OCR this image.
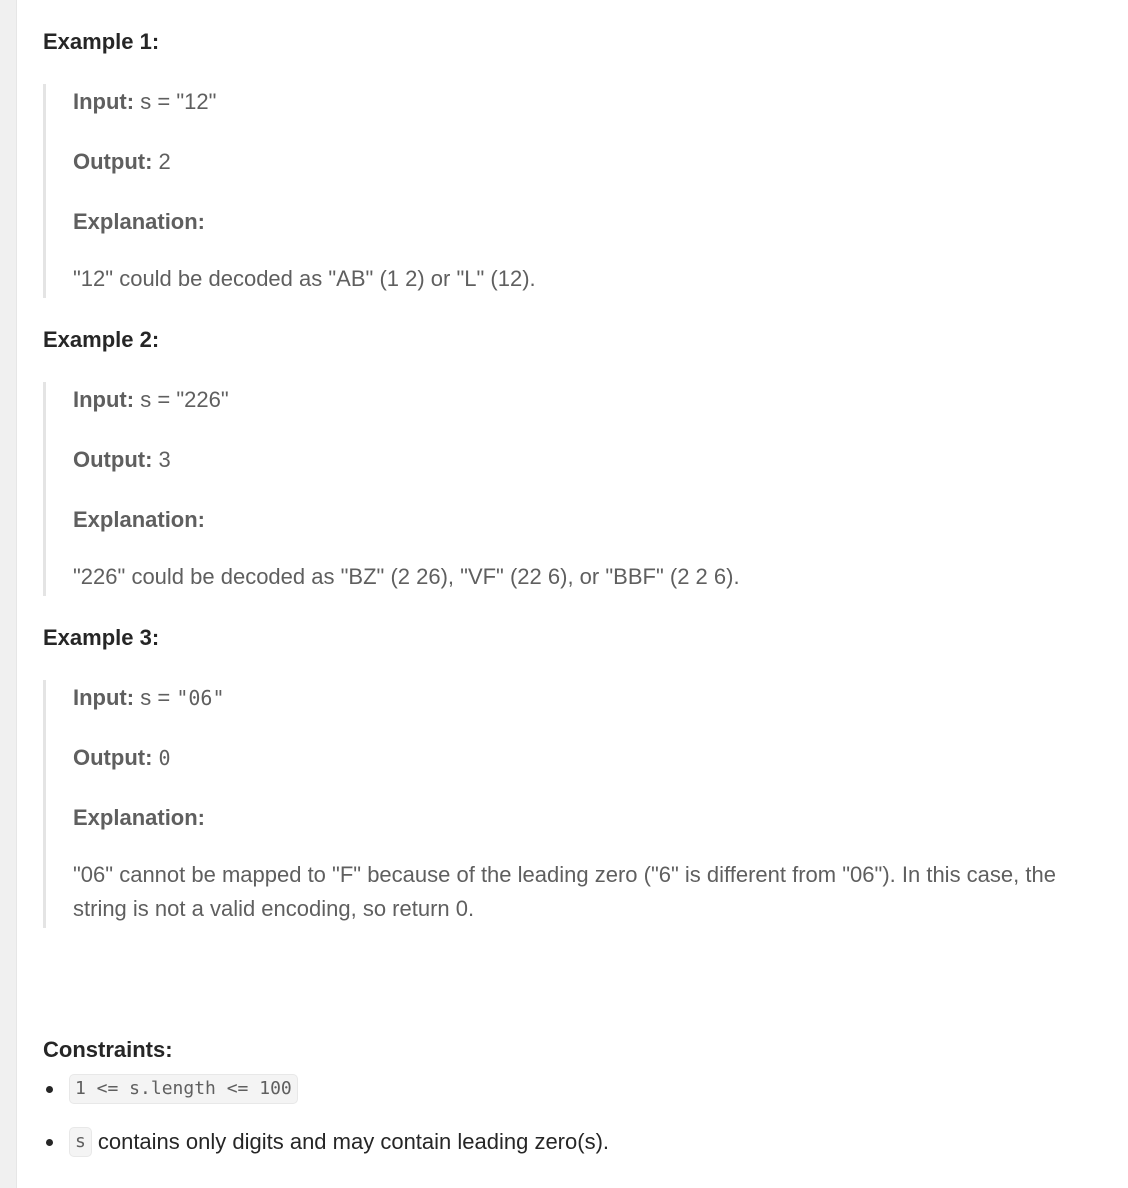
Example 1:
Input: s = "12"
Output: 2
Explanation:
"12" could be decoded as "AB" (1 2) or "L" (12).
Example 2:
Input: s = "226"
Output: 3
Explanation:
"226" could be decoded as "BZ" (2 26), "VF" (22 6), or "BBF" (2 2 6).
Example 3:
Input: s = "06"
Output: 0
Explanation:
"06" cannot be mapped to "F" because of the leading zero ("6" is different from "06"). In this case, the string is not a valid encoding, so return 0.
Constraints:
1 <= s.length <= 100
s contains only digits and may contain leading zero(s).
